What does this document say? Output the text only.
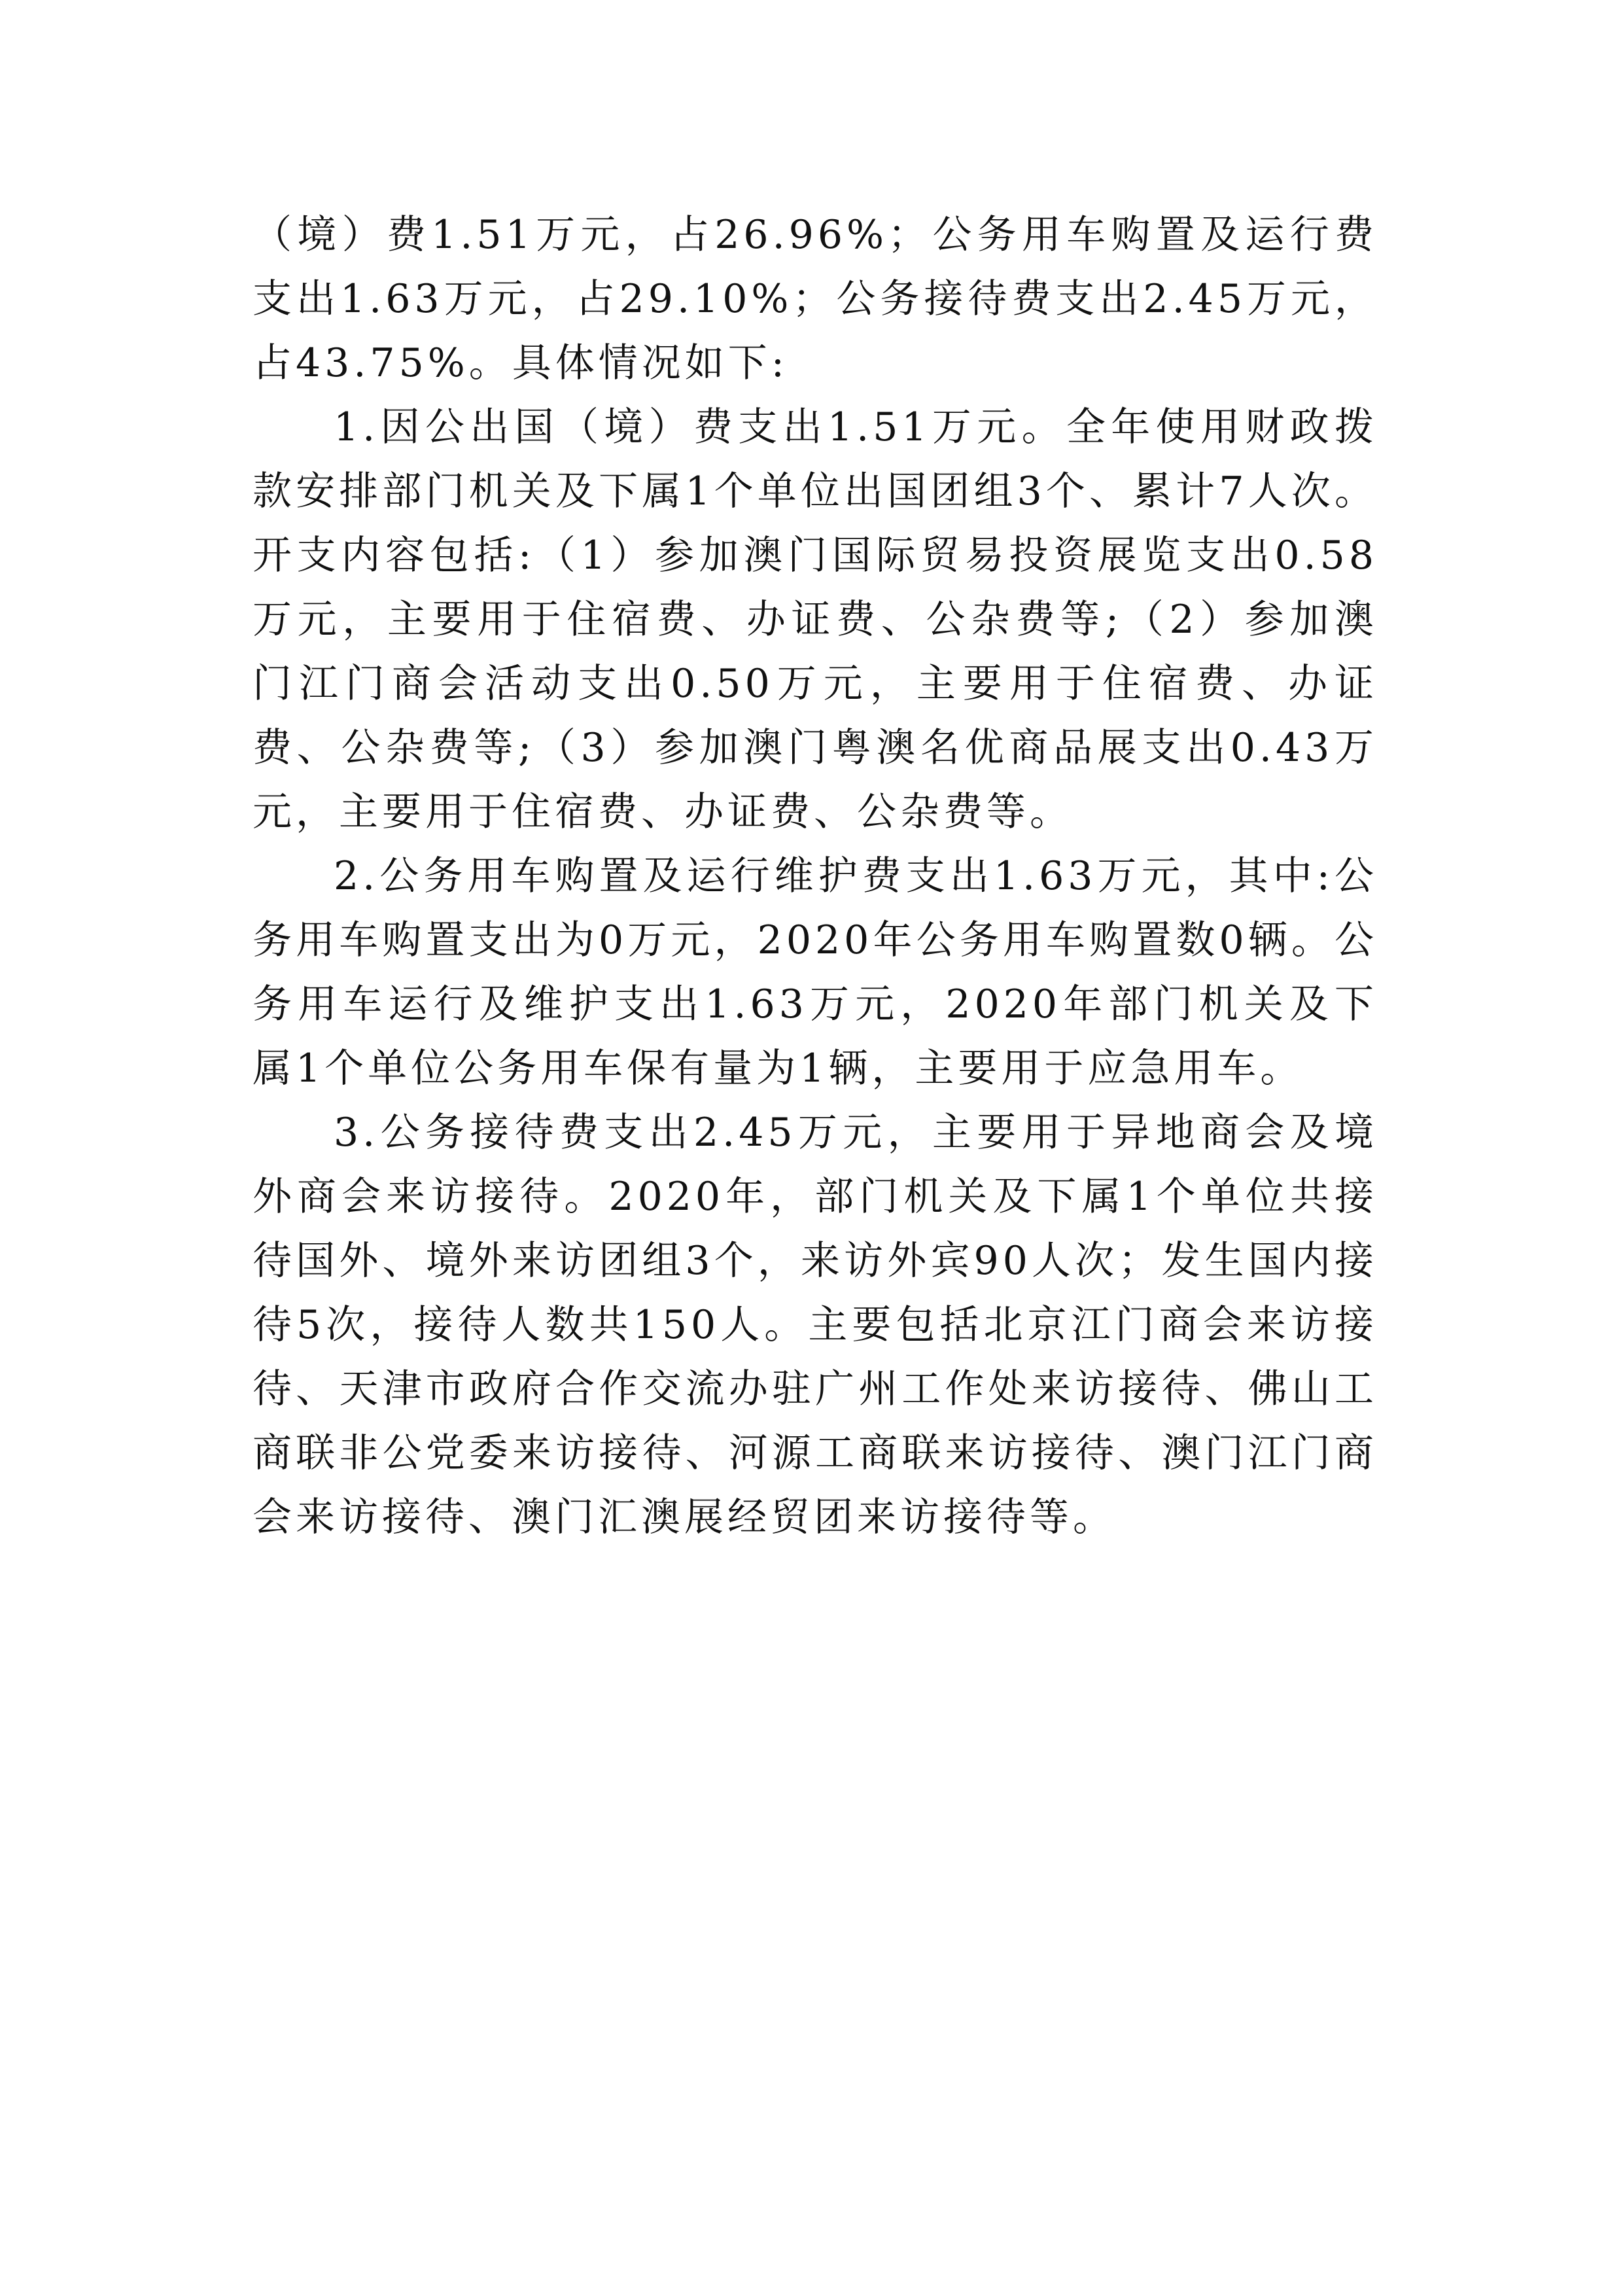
（境）费1.51万元，占26.96%；公务用车购置及运行费支出1.63万元，占29.10%；公务接待费支出2.45万元，占43.75%。具体情况如下:

1.因公出国（境）费支出1.51万元。全年使用财政拨款安排部门机关及下属1个单位出国团组3个、累计7人次。开支内容包括:（1）参加澳门国际贸易投资展览支出0.58万元，主要用于住宿费、办证费、公杂费等;（2）参加澳门江门商会活动支出0.50万元，主要用于住宿费、办证费、公杂费等;（3）参加澳门粤澳名优商品展支出0.43万元，主要用于住宿费、办证费、公杂费等。

2.公务用车购置及运行维护费支出1.63万元，其中:公务用车购置支出为0万元，2020年公务用车购置数0辆。公务用车运行及维护支出1.63万元，2020年部门机关及下属1个单位公务用车保有量为1辆，主要用于应急用车。

3.公务接待费支出2.45万元，主要用于异地商会及境外商会来访接待。2020年，部门机关及下属1个单位共接待国外、境外来访团组3个，来访外宾90人次；发生国内接待5次，接待人数共150人。主要包括北京江门商会来访接待、天津市政府合作交流办驻广州工作处来访接待、佛山工商联非公党委来访接待、河源工商联来访接待、澳门江门商会来访接待、澳门汇澳展经贸团来访接待等。
